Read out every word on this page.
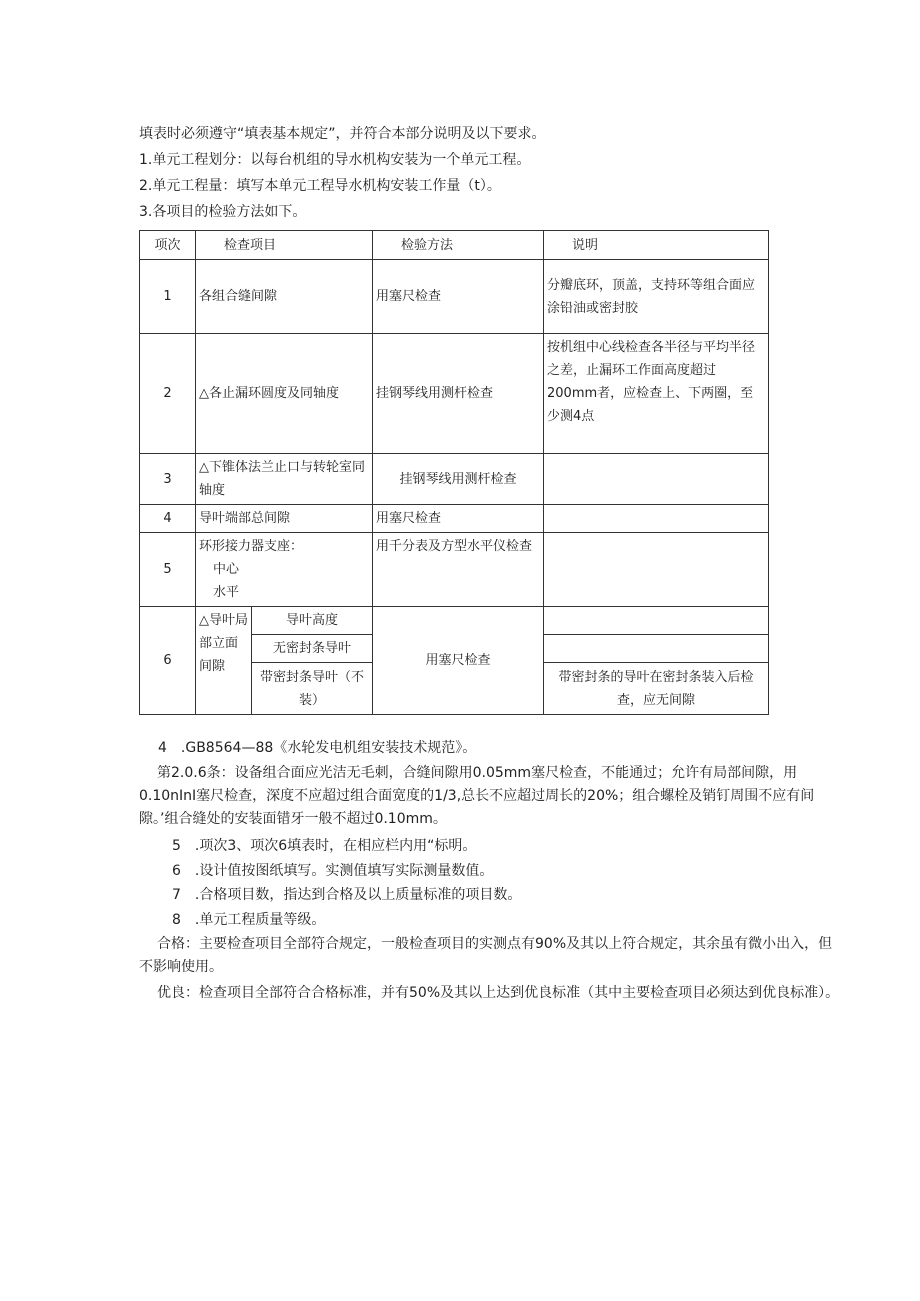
填表时必须遵守“填表基本规定”，并符合本部分说明及以下要求。
1.单元工程划分：以每台机组的导水机构安装为一个单元工程。
2.单元工程量：填写本单元工程导水机构安装工作量（t）。
3.各项目的检验方法如下。
项次	检查项目		检验方法	说明
1	各组合缝间隙		用塞尺检查	分瓣底环，顶盖，支持环等组合面应涂铅油或密封胶
2	△各止漏环圆度及同轴度		挂钢琴线用测杆检查	按机组中心线检查各半径与平均半径之差，止漏环工作面高度超过200mm者，应检查上、下两圈，至少测4点
3	△下锥体法兰止口与转轮室同轴度		挂钢琴线用测杆检查	
4	导叶端部总间隙		用塞尺检查	
5	环形接力器支座：
中心
水平		用千分表及方型水平仪检查	
6	△导叶局部立面间隙	导叶高度	用塞尺检查	
		无密封条导叶		
		带密封条导叶（不装）		带密封条的导叶在密封条装入后检查，应无间隙
4　.GB8564—88《水轮发电机组安装技术规范》。
第2.0.6条：设备组合面应光洁无毛刺，合缝间隙用0.05mm塞尺检查，不能通过；允许有局部间隙，用0.10nInI塞尺检查，深度不应超过组合面宽度的1/3,总长不应超过周长的20%；组合螺栓及销钉周围不应有间隙。’组合缝处的安装面错牙一般不超过0.10mm。
5　.项次3、项次6填表时，在相应栏内用“标明。
6　.设计值按图纸填写。实测值填写实际测量数值。
7　.合格项目数，指达到合格及以上质量标准的项目数。
8　.单元工程质量等级。
合格：主要检查项目全部符合规定，一般检查项目的实测点有90%及其以上符合规定，其余虽有微小出入，但不影响使用。
优良：检查项目全部符合合格标准，并有50%及其以上达到优良标准（其中主要检查项目必须达到优良标准）。
